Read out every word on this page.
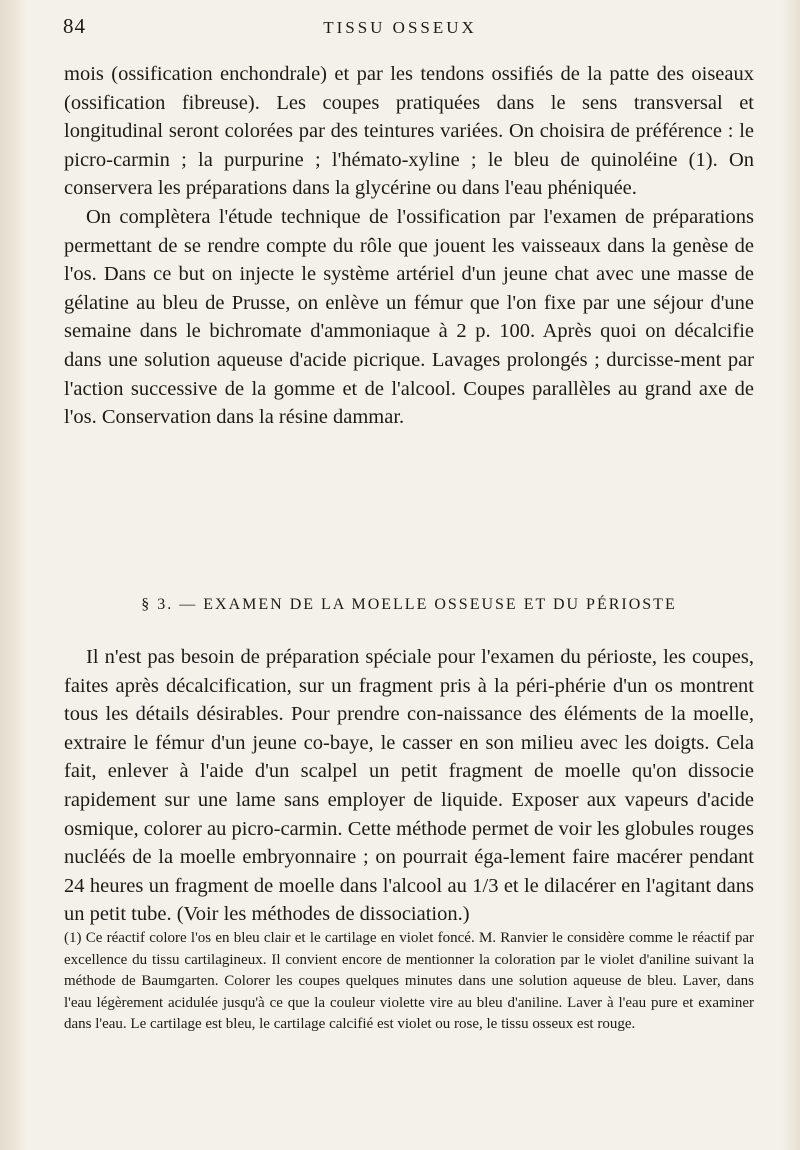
84	TISSU OSSEUX

mois (ossification enchondrale) et par les tendons ossifiés de la patte des oiseaux (ossification fibreuse). Les coupes pratiquées dans le sens transversal et longitudinal seront colorées par des teintures variées. On choisira de préférence : le picro-carmin ; la purpurine ; l'hémato-xyline ; le bleu de quinoléine (1). On conservera les préparations dans la glycérine ou dans l'eau phéniquée.

On complètera l'étude technique de l'ossification par l'examen de préparations permettant de se rendre compte du rôle que jouent les vaisseaux dans la genèse de l'os. Dans ce but on injecte le système artériel d'un jeune chat avec une masse de gélatine au bleu de Prusse, on enlève un fémur que l'on fixe par une séjour d'une semaine dans le bichromate d'ammoniaque à 2 p. 100. Après quoi on décalcifie dans une solution aqueuse d'acide picrique. Lavages prolongés ; durcisse-ment par l'action successive de la gomme et de l'alcool. Coupes parallèles au grand axe de l'os. Conservation dans la résine dammar.

§ 3. — EXAMEN DE LA MOELLE OSSEUSE ET DU PÉRIOSTE

Il n'est pas besoin de préparation spéciale pour l'examen du périoste, les coupes, faites après décalcification, sur un fragment pris à la péri-phérie d'un os montrent tous les détails désirables. Pour prendre con-naissance des éléments de la moelle, extraire le fémur d'un jeune co-baye, le casser en son milieu avec les doigts. Cela fait, enlever à l'aide d'un scalpel un petit fragment de moelle qu'on dissocie rapidement sur une lame sans employer de liquide. Exposer aux vapeurs d'acide osmique, colorer au picro-carmin. Cette méthode permet de voir les globules rouges nucléés de la moelle embryonnaire ; on pourrait éga-lement faire macérer pendant 24 heures un fragment de moelle dans l'alcool au 1/3 et le dilacérer en l'agitant dans un petit tube. (Voir les méthodes de dissociation.)

(1) Ce réactif colore l'os en bleu clair et le cartilage en violet foncé. M. Ranvier le considère comme le réactif par excellence du tissu cartilagineux. Il convient encore de mentionner la coloration par le violet d'aniline suivant la méthode de Baumgarten. Colorer les coupes quelques minutes dans une solution aqueuse de bleu. Laver, dans l'eau légèrement acidulée jusqu'à ce que la couleur violette vire au bleu d'aniline. Laver à l'eau pure et examiner dans l'eau. Le cartilage est bleu, le cartilage calcifié est violet ou rose, le tissu osseux est rouge.
